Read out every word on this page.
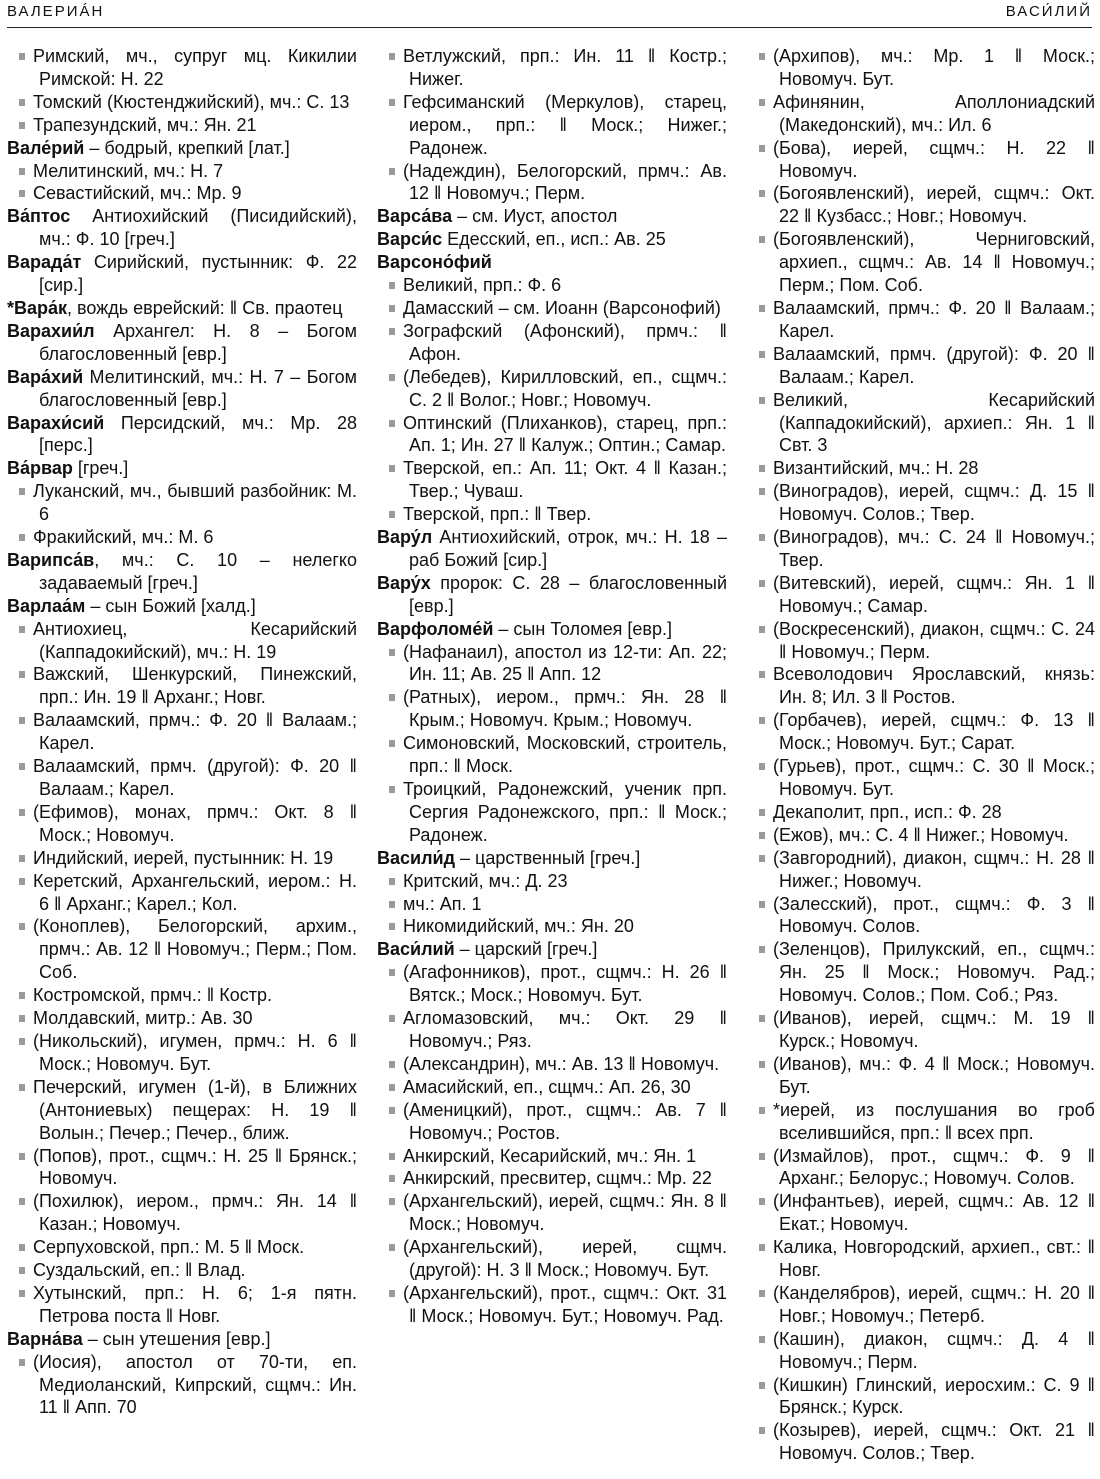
ВАЛЕРИÁН	ВАСИ́ЛИЙ
Римский, мч., супруг мц. Кикилии Римской: Н. 22
Томский (Кюстенджийский), мч.: С. 13
Трапезундский, мч.: Ян. 21
Вале́рий – бодрый, крепкий [лат.]
Мелитинский, мч.: Н. 7
Севастийский, мч.: Мр. 9
Ва́птос Антиохийский (Писидийский), мч.: Ф. 10 [греч.]
Варада́т Сирийский, пустынник: Ф. 22 [сир.]
*Вара́к, вождь еврейский: ‖ Св. праотец
Варахии́л Архангел: Н. 8 – Богом благословенный [евр.]
Вара́хий Мелитинский, мч.: Н. 7 – Богом благословенный [евр.]
Варахи́сий Персидский, мч.: Мр. 28 [перс.]
Ва́рвар [греч.]
Луканский, мч., бывший разбойник: М. 6
Фракийский, мч.: М. 6
Варипса́в, мч.: С. 10 – нелегко задаваемый [греч.]
Варлаа́м – сын Божий [халд.]
Антиохиец, Кесарийский (Каппадокийский), мч.: Н. 19
Важский, Шенкурский, Пинежский, прп.: Ин. 19 ‖ Арханг.; Новг.
Валаамский, прмч.: Ф. 20 ‖ Валаам.; Карел.
Валаамский, прмч. (другой): Ф. 20 ‖ Валаам.; Карел.
(Ефимов), монах, прмч.: Окт. 8 ‖ Моск.; Новомуч.
Индийский, иерей, пустынник: Н. 19
Керетский, Архангельский, иером.: Н. 6 ‖ Арханг.; Карел.; Кол.
(Коноплев), Белогорский, архим., прмч.: Ав. 12 ‖ Новомуч.; Перм.; Пом. Соб.
Костромской, прмч.: ‖ Костр.
Молдавский, митр.: Ав. 30
(Никольский), игумен, прмч.: Н. 6 ‖ Моск.; Новомуч. Бут.
Печерский, игумен (1-й), в Ближних (Антониевых) пещерах: Н. 19 ‖ Волын.; Печер.; Печер., ближ.
(Попов), прот., сщмч.: Н. 25 ‖ Брянск.; Новомуч.
(Похилюк), иером., прмч.: Ян. 14 ‖ Казан.; Новомуч.
Серпуховской, прп.: М. 5 ‖ Моск.
Суздальский, еп.: ‖ Влад.
Хутынский, прп.: Н. 6; 1-я пятн. Петрова поста ‖ Новг.
Варна́ва – сын утешения [евр.]
(Иосия), апостол от 70-ти, еп. Медиоланский, Кипрский, сщмч.: Ин. 11 ‖ Апп. 70
Ветлужский, прп.: Ин. 11 ‖ Костр.; Нижег.
Гефсиманский (Меркулов), старец, иером., прп.: ‖ Моск.; Нижег.; Радонеж.
(Надеждин), Белогорский, прмч.: Ав. 12 ‖ Новомуч.; Перм.
Варса́ва – см. Иуст, апостол
Варси́с Едесский, еп., исп.: Ав. 25
Варсоно́фий
Великий, прп.: Ф. 6
Дамасский – см. Иоанн (Варсонофий)
Зографский (Афонский), прмч.: ‖ Афон.
(Лебедев), Кирилловский, еп., сщмч.: С. 2 ‖ Волог.; Новг.; Новомуч.
Оптинский (Плиханков), старец, прп.: Ап. 1; Ин. 27 ‖ Калуж.; Оптин.; Самар.
Тверской, еп.: Ап. 11; Окт. 4 ‖ Казан.; Твер.; Чуваш.
Тверской, прп.: ‖ Твер.
Вару́л Антиохийский, отрок, мч.: Н. 18 – раб Божий [сир.]
Вару́х пророк: С. 28 – благословенный [евр.]
Варфоломе́й – сын Толомея [евр.]
(Нафанаил), апостол из 12-ти: Ап. 22; Ин. 11; Ав. 25 ‖ Апп. 12
(Ратных), иером., прмч.: Ян. 28 ‖ Крым.; Новомуч. Крым.; Новомуч.
Симоновский, Московский, строитель, прп.: ‖ Моск.
Троицкий, Радонежский, ученик прп. Сергия Радонежского, прп.: ‖ Моск.; Радонеж.
Васили́д – царственный [греч.]
Критский, мч.: Д. 23
мч.: Ап. 1
Никомидийский, мч.: Ян. 20
Васи́лий – царский [греч.]
(Агафонников), прот., сщмч.: Н. 26 ‖ Вятск.; Моск.; Новомуч. Бут.
Агломазовский, мч.: Окт. 29 ‖ Новомуч.; Ряз.
(Александрин), мч.: Ав. 13 ‖ Новомуч.
Амасийский, еп., сщмч.: Ап. 26, 30
(Аменицкий), прот., сщмч.: Ав. 7 ‖ Новомуч.; Ростов.
Анкирский, Кесарийский, мч.: Ян. 1
Анкирский, пресвитер, сщмч.: Мр. 22
(Архангельский), иерей, сщмч.: Ян. 8 ‖ Моск.; Новомуч.
(Архангельский), иерей, сщмч. (другой): Н. 3 ‖ Моск.; Новомуч. Бут.
(Архангельский), прот., сщмч.: Окт. 31 ‖ Моск.; Новомуч. Бут.; Новомуч. Рад.
(Архипов), мч.: Мр. 1 ‖ Моск.; Новомуч. Бут.
Афинянин, Аполлониадский (Македонский), мч.: Ил. 6
(Бова), иерей, сщмч.: Н. 22 ‖ Новомуч.
(Богоявленский), иерей, сщмч.: Окт. 22 ‖ Кузбасс.; Новг.; Новомуч.
(Богоявленский), Черниговский, архиеп., сщмч.: Ав. 14 ‖ Новомуч.; Перм.; Пом. Соб.
Валаамский, прмч.: Ф. 20 ‖ Валаам.; Карел.
Валаамский, прмч. (другой): Ф. 20 ‖ Валаам.; Карел.
Великий, Кесарийский (Каппадокийский), архиеп.: Ян. 1 ‖ Свт. 3
Византийский, мч.: Н. 28
(Виноградов), иерей, сщмч.: Д. 15 ‖ Новомуч. Солов.; Твер.
(Виноградов), мч.: С. 24 ‖ Новомуч.; Твер.
(Витевский), иерей, сщмч.: Ян. 1 ‖ Новомуч.; Самар.
(Воскресенский), диакон, сщмч.: С. 24 ‖ Новомуч.; Перм.
Всеволодович Ярославский, князь: Ин. 8; Ил. 3 ‖ Ростов.
(Горбачев), иерей, сщмч.: Ф. 13 ‖ Моск.; Новомуч. Бут.; Сарат.
(Гурьев), прот., сщмч.: С. 30 ‖ Моск.; Новомуч. Бут.
Декаполит, прп., исп.: Ф. 28
(Ежов), мч.: С. 4 ‖ Нижег.; Новомуч.
(Завгородний), диакон, сщмч.: Н. 28 ‖ Нижег.; Новомуч.
(Залесский), прот., сщмч.: Ф. 3 ‖ Новомуч. Солов.
(Зеленцов), Прилукский, еп., сщмч.: Ян. 25 ‖ Моск.; Новомуч. Рад.; Новомуч. Солов.; Пом. Соб.; Ряз.
(Иванов), иерей, сщмч.: М. 19 ‖ Курск.; Новомуч.
(Иванов), мч.: Ф. 4 ‖ Моск.; Новомуч. Бут.
*иерей, из послушания во гроб вселившийся, прп.: ‖ всех прп.
(Измайлов), прот., сщмч.: Ф. 9 ‖ Арханг.; Белорус.; Новомуч. Солов.
(Инфантьев), иерей, сщмч.: Ав. 12 ‖ Екат.; Новомуч.
Калика, Новгородский, архиеп., свт.: ‖ Новг.
(Канделябров), иерей, сщмч.: Н. 20 ‖ Новг.; Новомуч.; Петерб.
(Кашин), диакон, сщмч.: Д. 4 ‖ Новомуч.; Перм.
(Кишкин) Глинский, иеросхим.: С. 9 ‖ Брянск.; Курск.
(Козырев), иерей, сщмч.: Окт. 21 ‖ Новомуч. Солов.; Твер.
